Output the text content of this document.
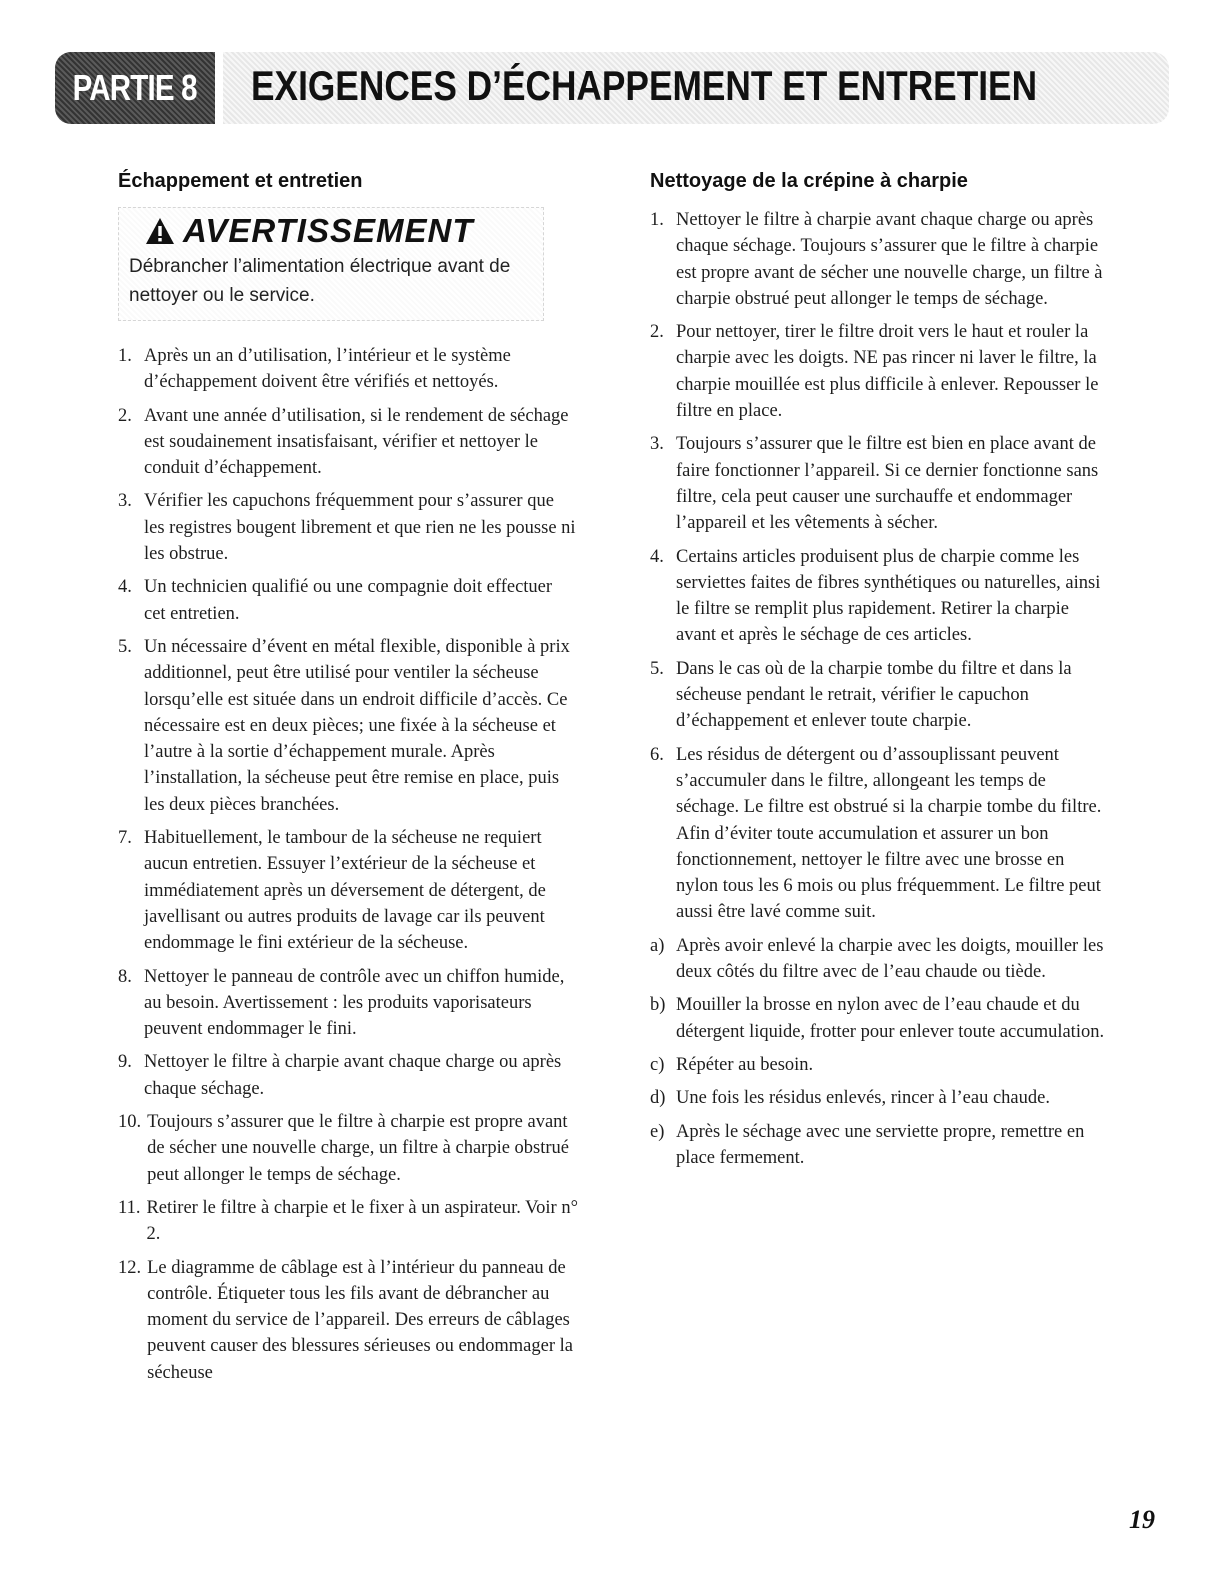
PARTIE 8 EXIGENCES D’ÉCHAPPEMENT ET ENTRETIEN
Échappement et entretien
AVERTISSEMENT

Débrancher l’alimentation électrique avant de nettoyer ou le service.

1. Après un an d’utilisation, l’intérieur et le système d’échappement doivent être vérifiés et nettoyés.
2. Avant une année d’utilisation, si le rendement de séchage est soudainement insatisfaisant, vérifier et nettoyer le conduit d’échappement.
3. Vérifier les capuchons fréquemment pour s’assurer que les registres bougent librement et que rien ne les pousse ni les obstrue.
4. Un technicien qualifié ou une compagnie doit effectuer cet entretien.
5. Un nécessaire d’évent en métal flexible, disponible à prix additionnel, peut être utilisé pour ventiler la sécheuse lorsqu’elle est située dans un endroit difficile d’accès. Ce nécessaire est en deux pièces; une fixée à la sécheuse et l’autre à la sortie d’échappement murale. Après l’installation, la sécheuse peut être remise en place, puis les deux pièces branchées.
7. Habituellement, le tambour de la sécheuse ne requiert aucun entretien. Essuyer l’extérieur de la sécheuse et immédiatement après un déversement de détergent, de javellisant ou autres produits de lavage car ils peuvent endommage le fini extérieur de la sécheuse.
8. Nettoyer le panneau de contrôle avec un chiffon humide, au besoin. Avertissement : les produits vaporisateurs peuvent endommager le fini.
9. Nettoyer le filtre à charpie avant chaque charge ou après chaque séchage.
10. Toujours s’assurer que le filtre à charpie est propre avant de sécher une nouvelle charge, un filtre à charpie obstrué peut allonger le temps de séchage.
11. Retirer le filtre à charpie et le fixer à un aspirateur. Voir n° 2.
12. Le diagramme de câblage est à l’intérieur du panneau de contrôle. Étiqueter tous les fils avant de débrancher au moment du service de l’appareil. Des erreurs de câblages peuvent causer des blessures sérieuses ou endommager la sécheuse
Nettoyage de la crépine à charpie
1. Nettoyer le filtre à charpie avant chaque charge ou après chaque séchage. Toujours s’assurer que le filtre à charpie est propre avant de sécher une nouvelle charge, un filtre à charpie obstrué peut allonger le temps de séchage.
2. Pour nettoyer, tirer le filtre droit vers le haut et rouler la charpie avec les doigts. NE pas rincer ni laver le filtre, la charpie mouillée est plus difficile à enlever. Repousser le filtre en place.
3. Toujours s’assurer que le filtre est bien en place avant de faire fonctionner l’appareil. Si ce dernier fonctionne sans filtre, cela peut causer une surchauffe et endommager l’appareil et les vêtements à sécher.
4. Certains articles produisent plus de charpie comme les serviettes faites de fibres synthétiques ou naturelles, ainsi le filtre se remplit plus rapidement. Retirer la charpie avant et après le séchage de ces articles.
5. Dans le cas où de la charpie tombe du filtre et dans la sécheuse pendant le retrait, vérifier le capuchon d’échappement et enlever toute charpie.
6. Les résidus de détergent ou d’assouplissant peuvent s’accumuler dans le filtre, allongeant les temps de séchage. Le filtre est obstrué si la charpie tombe du filtre. Afin d’éviter toute accumulation et assurer un bon fonctionnement, nettoyer le filtre avec une brosse en nylon tous les 6 mois ou plus fréquemment. Le filtre peut aussi être lavé comme suit.
a) Après avoir enlevé la charpie avec les doigts, mouiller les deux côtés du filtre avec de l’eau chaude ou tiède.
b) Mouiller la brosse en nylon avec de l’eau chaude et du détergent liquide, frotter pour enlever toute accumulation.
c) Répéter au besoin.
d) Une fois les résidus enlevés, rincer à l’eau chaude.
e) Après le séchage avec une serviette propre, remettre en place fermement.
19
